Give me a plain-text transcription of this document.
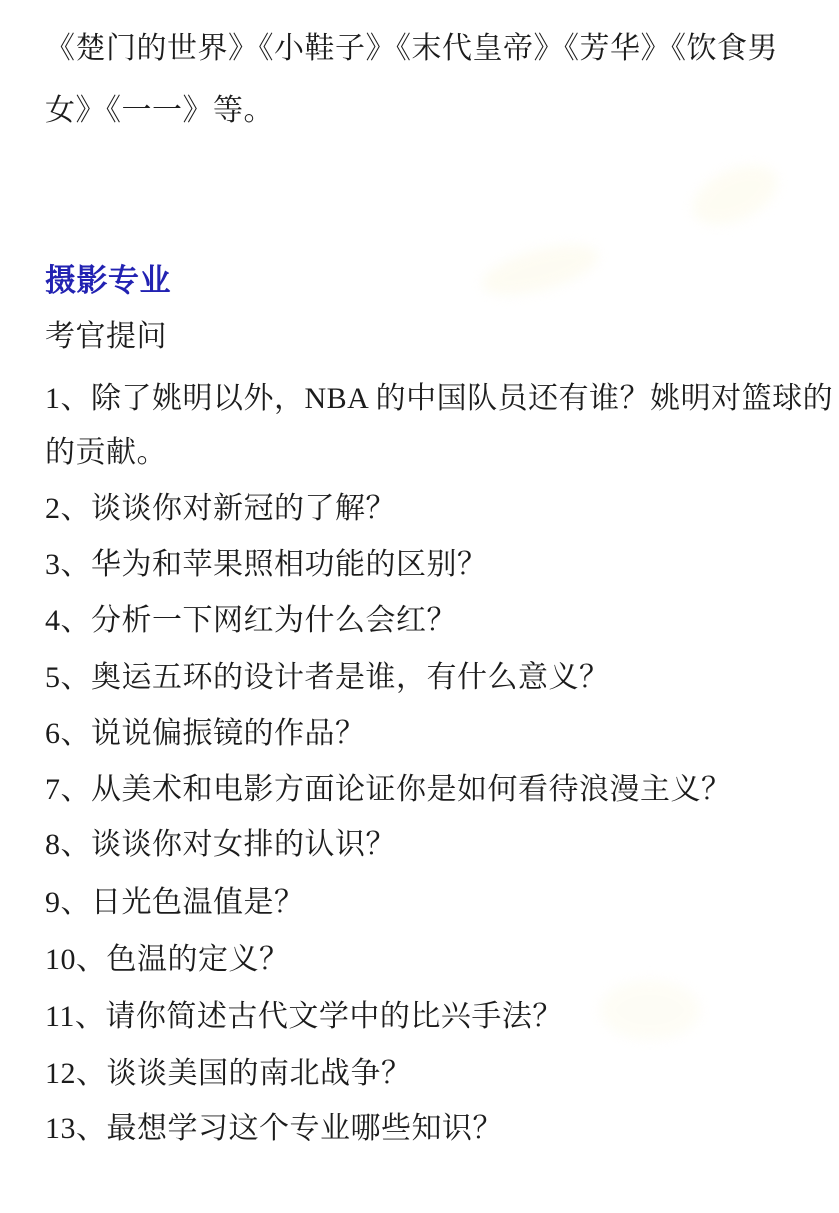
《楚门的世界》《小鞋子》《末代皇帝》《芳华》《饮食男

女》《一一》等。

摄影专业

考官提问

1、除了姚明以外，NBA 的中国队员还有谁？姚明对篮球的

的贡献。

2、谈谈你对新冠的了解？

3、华为和苹果照相功能的区别？

4、分析一下网红为什么会红？

5、奥运五环的设计者是谁，有什么意义？

6、说说偏振镜的作品？

7、从美术和电影方面论证你是如何看待浪漫主义？

8、谈谈你对女排的认识？

9、日光色温值是？

10、色温的定义？

11、请你简述古代文学中的比兴手法？

12、谈谈美国的南北战争？

13、最想学习这个专业哪些知识？
